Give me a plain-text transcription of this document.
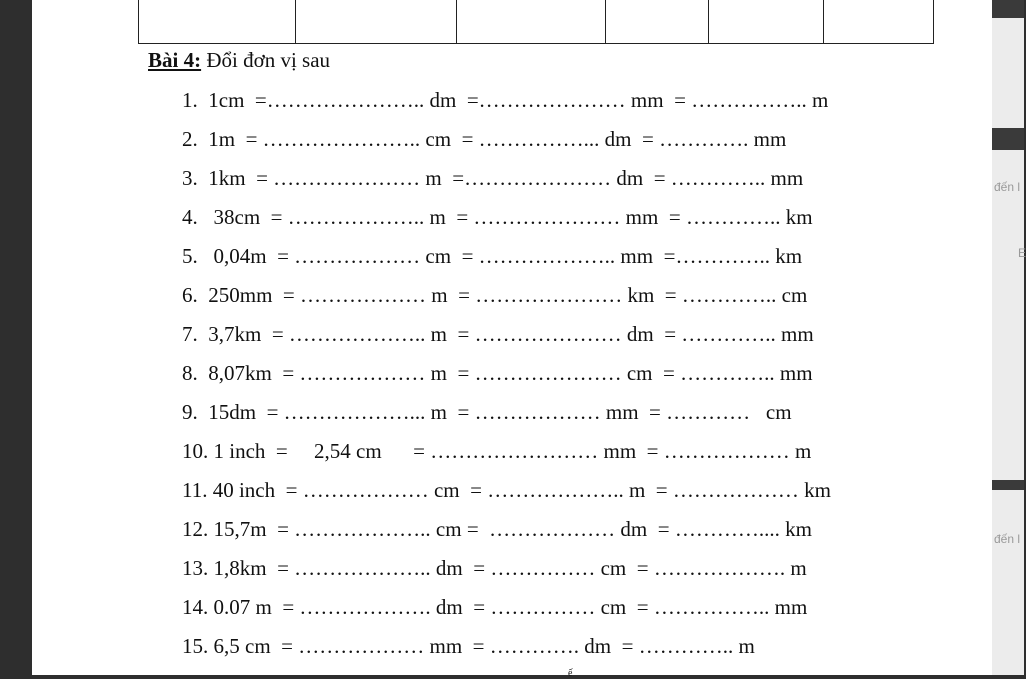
đến l
E
đến l
Bài 4: Đổi đơn vị sau
1.  1cm  =………………….. dm  =………………… mm  = …………….. m
2.  1m  = ………………….. cm  = ……………... dm  = …………. mm
3.  1km  = ………………… m  =………………… dm  = ………….. mm
4.   38cm  = ……………….. m  = ………………… mm  = ………….. km
5.   0,04m  = ……………… cm  = ……………….. mm  =………….. km
6.  250mm  = ……………… m  = ………………… km  = ………….. cm
7.  3,7km  = ……………….. m  = ………………… dm  = ………….. mm
8.  8,07km  = ……………… m  = ………………… cm  = ………….. mm
9.  15dm  = ………………... m  = ……………… mm  = …………   cm
10. 1 inch  =     2,54 cm      = …………………… mm  = ……………… m
11. 40 inch  = ……………… cm  = ……………….. m  = ……………… km
12. 15,7m  = ……………….. cm =  ……………… dm  = ………….... km
13. 1,8km  = ……………….. dm  = …………… cm  = ………………. m
14. 0.07 m  = ………………. dm  = …………… cm  = …………….. mm
15. 6,5 cm  = ……………… mm  = …………. dm  = ………….. m
ế
